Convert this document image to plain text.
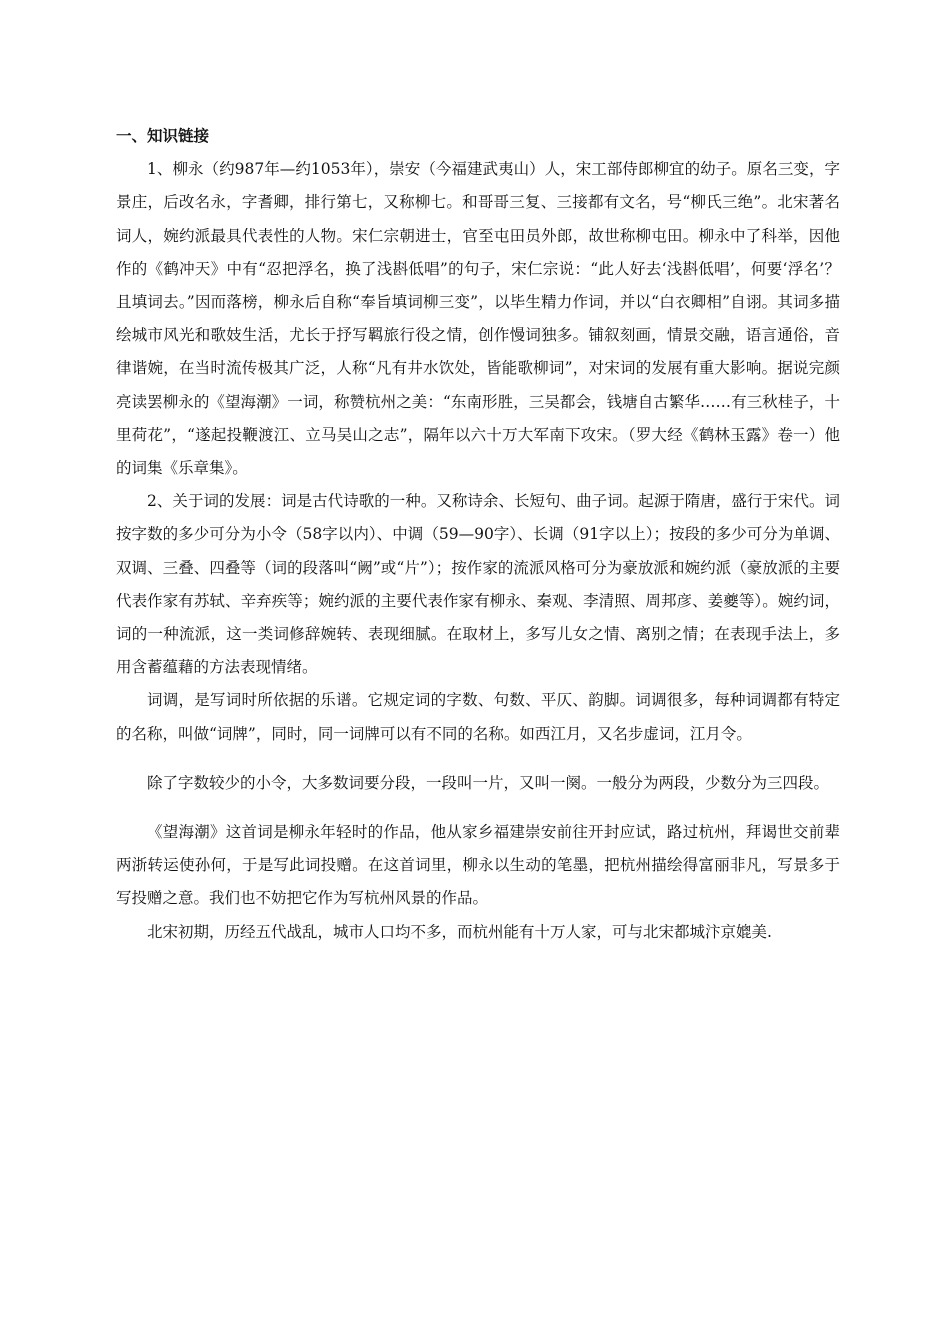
一、知识链接

1、柳永（约987年—约1053年），崇安（今福建武夷山）人，宋工部侍郎柳宜的幼子。原名三变，字景庄，后改名永，字耆卿，排行第七，又称柳七。和哥哥三复、三接都有文名，号“柳氏三绝”。北宋著名词人，婉约派最具代表性的人物。宋仁宗朝进士，官至屯田员外郎，故世称柳屯田。柳永中了科举，因他作的《鹤冲天》中有“忍把浮名，换了浅斟低唱”的句子，宋仁宗说：“此人好去‘浅斟低唱’，何要‘浮名’？且填词去。”因而落榜，柳永后自称“奉旨填词柳三变”，以毕生精力作词，并以“白衣卿相”自诩。其词多描绘城市风光和歌妓生活，尤长于抒写羁旅行役之情，创作慢词独多。铺叙刻画，情景交融，语言通俗，音律谐婉，在当时流传极其广泛，人称“凡有井水饮处，皆能歌柳词”，对宋词的发展有重大影响。据说完颜亮读罢柳永的《望海潮》一词，称赞杭州之美：“东南形胜，三吴都会，钱塘自古繁华……有三秋桂子，十里荷花”，“遂起投鞭渡江、立马吴山之志”，隔年以六十万大军南下攻宋。（罗大经《鹤林玉露》卷一）他的词集《乐章集》。

2、关于词的发展：词是古代诗歌的一种。又称诗余、长短句、曲子词。起源于隋唐，盛行于宋代。词按字数的多少可分为小令（58字以内）、中调（59—90字）、长调（91字以上）；按段的多少可分为单调、双调、三叠、四叠等（词的段落叫“阙”或“片”）；按作家的流派风格可分为豪放派和婉约派（豪放派的主要代表作家有苏轼、辛弃疾等；婉约派的主要代表作家有柳永、秦观、李清照、周邦彦、姜夔等）。婉约词，词的一种流派，这一类词修辞婉转、表现细腻。在取材上，多写儿女之情、离别之情；在表现手法上，多用含蓄蕴藉的方法表现情绪。

词调，是写词时所依据的乐谱。它规定词的字数、句数、平仄、韵脚。词调很多，每种词调都有特定的名称，叫做“词牌”，同时，同一词牌可以有不同的名称。如西江月，又名步虚词，江月令。

除了字数较少的小令，大多数词要分段，一段叫一片，又叫一阕。一般分为两段，少数分为三四段。

《望海潮》这首词是柳永年轻时的作品，他从家乡福建崇安前往开封应试，路过杭州，拜谒世交前辈两浙转运使孙何，于是写此词投赠。在这首词里，柳永以生动的笔墨，把杭州描绘得富丽非凡，写景多于写投赠之意。我们也不妨把它作为写杭州风景的作品。

北宋初期，历经五代战乱，城市人口均不多，而杭州能有十万人家，可与北宋都城汴京媲美.
